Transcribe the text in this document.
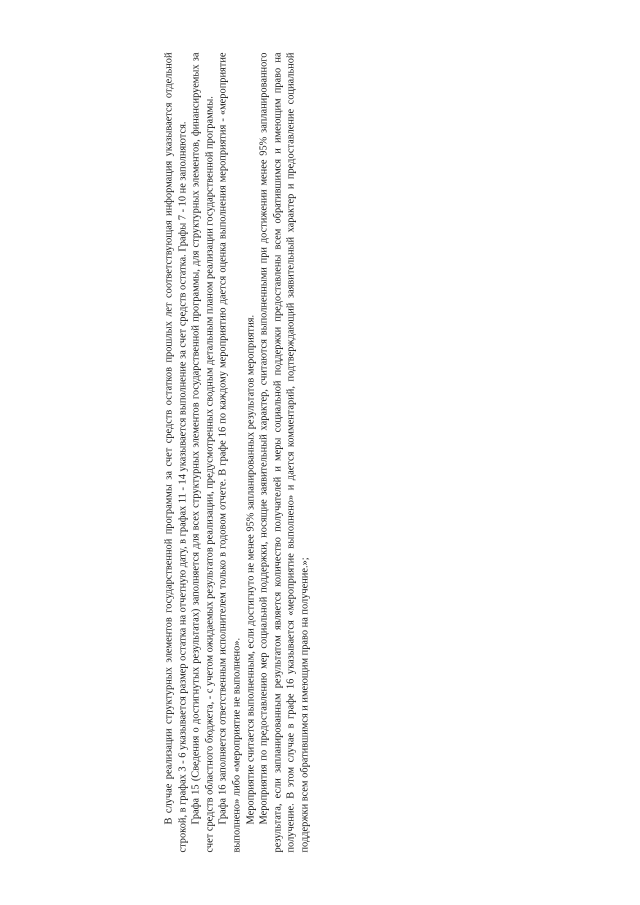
В случае реализации структурных элементов государственной программы за счет средств остатков прошлых лет соответствующая информация указывается отдельной строкой, в графах 3 - 6 указывается размер остатка на отчетную дату, в графах 11 - 14 указывается выполнение за счет средств остатка. Графы 7 - 10 не заполняются. Графа 15 (Сведения о достигнутых результатах) заполняется для всех структурных элементов государственной программы, для структурных элементов, финансируемых за счет средств областного бюджета, - с учетом ожидаемых результатов реализации, предусмотренных сводным детальным планом реализации государственной программы. Графа 16 заполняется ответственным исполнителем только в годовом отчете. В графе 16 по каждому мероприятию дается оценка выполнения мероприятия - «мероприятие выполнено» либо «мероприятие не выполнено». Мероприятие считается выполненным, если достигнуто не менее 95% запланированных результатов мероприятия. Мероприятия по предоставлению мер социальной поддержки, носящие заявительный характер, считаются выполненными при достижении менее 95% запланированного результата, если запланированным результатом является количество получателей и меры социальной поддержки предоставлены всем обратившимся и имеющим право на получение. В этом случае в графе 16 указывается «мероприятие выполнено» и дается комментарий, подтверждающий заявительный характер и предоставление социальной поддержки всем обратившимся и имеющим право на получение.»;
